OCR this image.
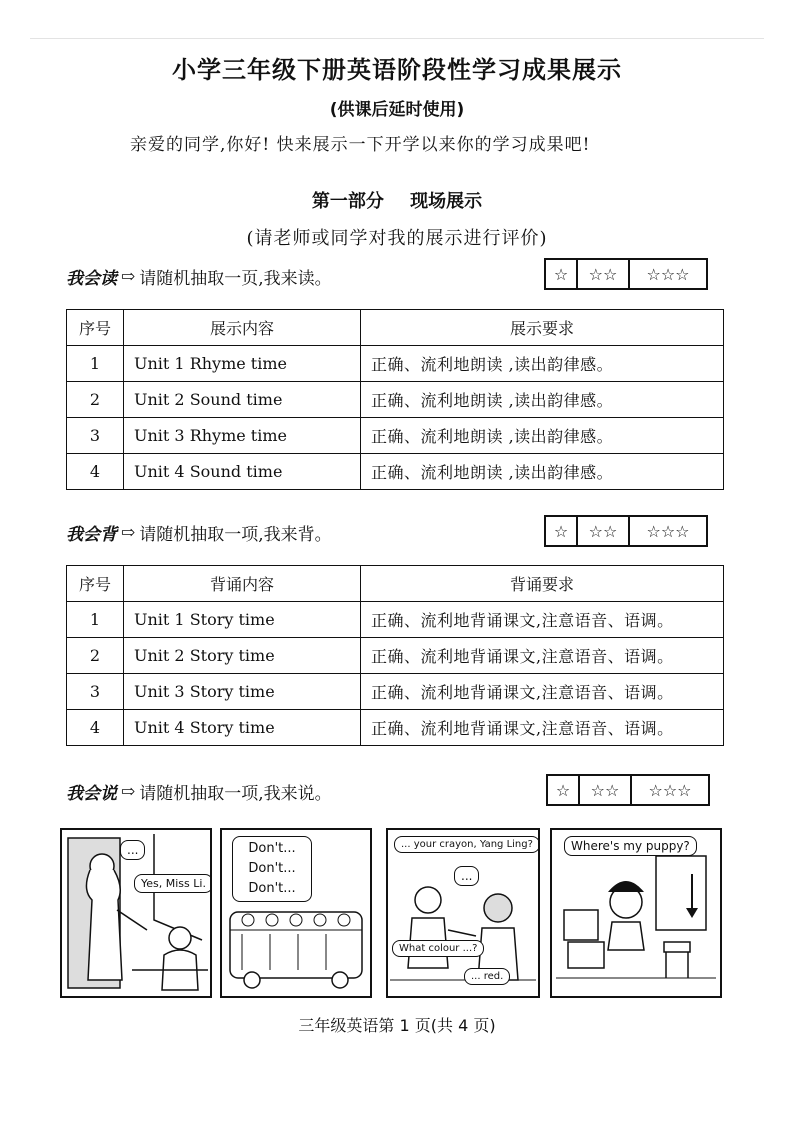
小学三年级下册英语阶段性学习成果展示
(供课后延时使用)
亲爱的同学,你好! 快来展示一下开学以来你的学习成果吧!
第一部分 现场展示
(请老师或同学对我的展示进行评价)
我会读 ⇨ 请随机抽取一页,我来读。	☆	☆☆	☆☆☆
序号	展示内容	展示要求
1	Unit 1 Rhyme time	正确、流利地朗读 ,读出韵律感。
2	Unit 2 Sound time	正确、流利地朗读 ,读出韵律感。
3	Unit 3 Rhyme time	正确、流利地朗读 ,读出韵律感。
4	Unit 4 Sound time	正确、流利地朗读 ,读出韵律感。
我会背 ⇨ 请随机抽取一项,我来背。	☆	☆☆	☆☆☆
序号	背诵内容	背诵要求
1	Unit 1 Story time	正确、流利地背诵课文,注意语音、语调。
2	Unit 2 Story time	正确、流利地背诵课文,注意语音、语调。
3	Unit 3 Story time	正确、流利地背诵课文,注意语音、语调。
4	Unit 4 Story time	正确、流利地背诵课文,注意语音、语调。
我会说 ⇨ 请随机抽取一项,我来说。	☆	☆☆	☆☆☆
...
Yes, Miss Li.
Don't...
Don't...
Don't...
... your crayon, Yang Ling?
...
What colour ...?
... red.
Where's my puppy?
三年级英语第 1 页(共 4 页)
